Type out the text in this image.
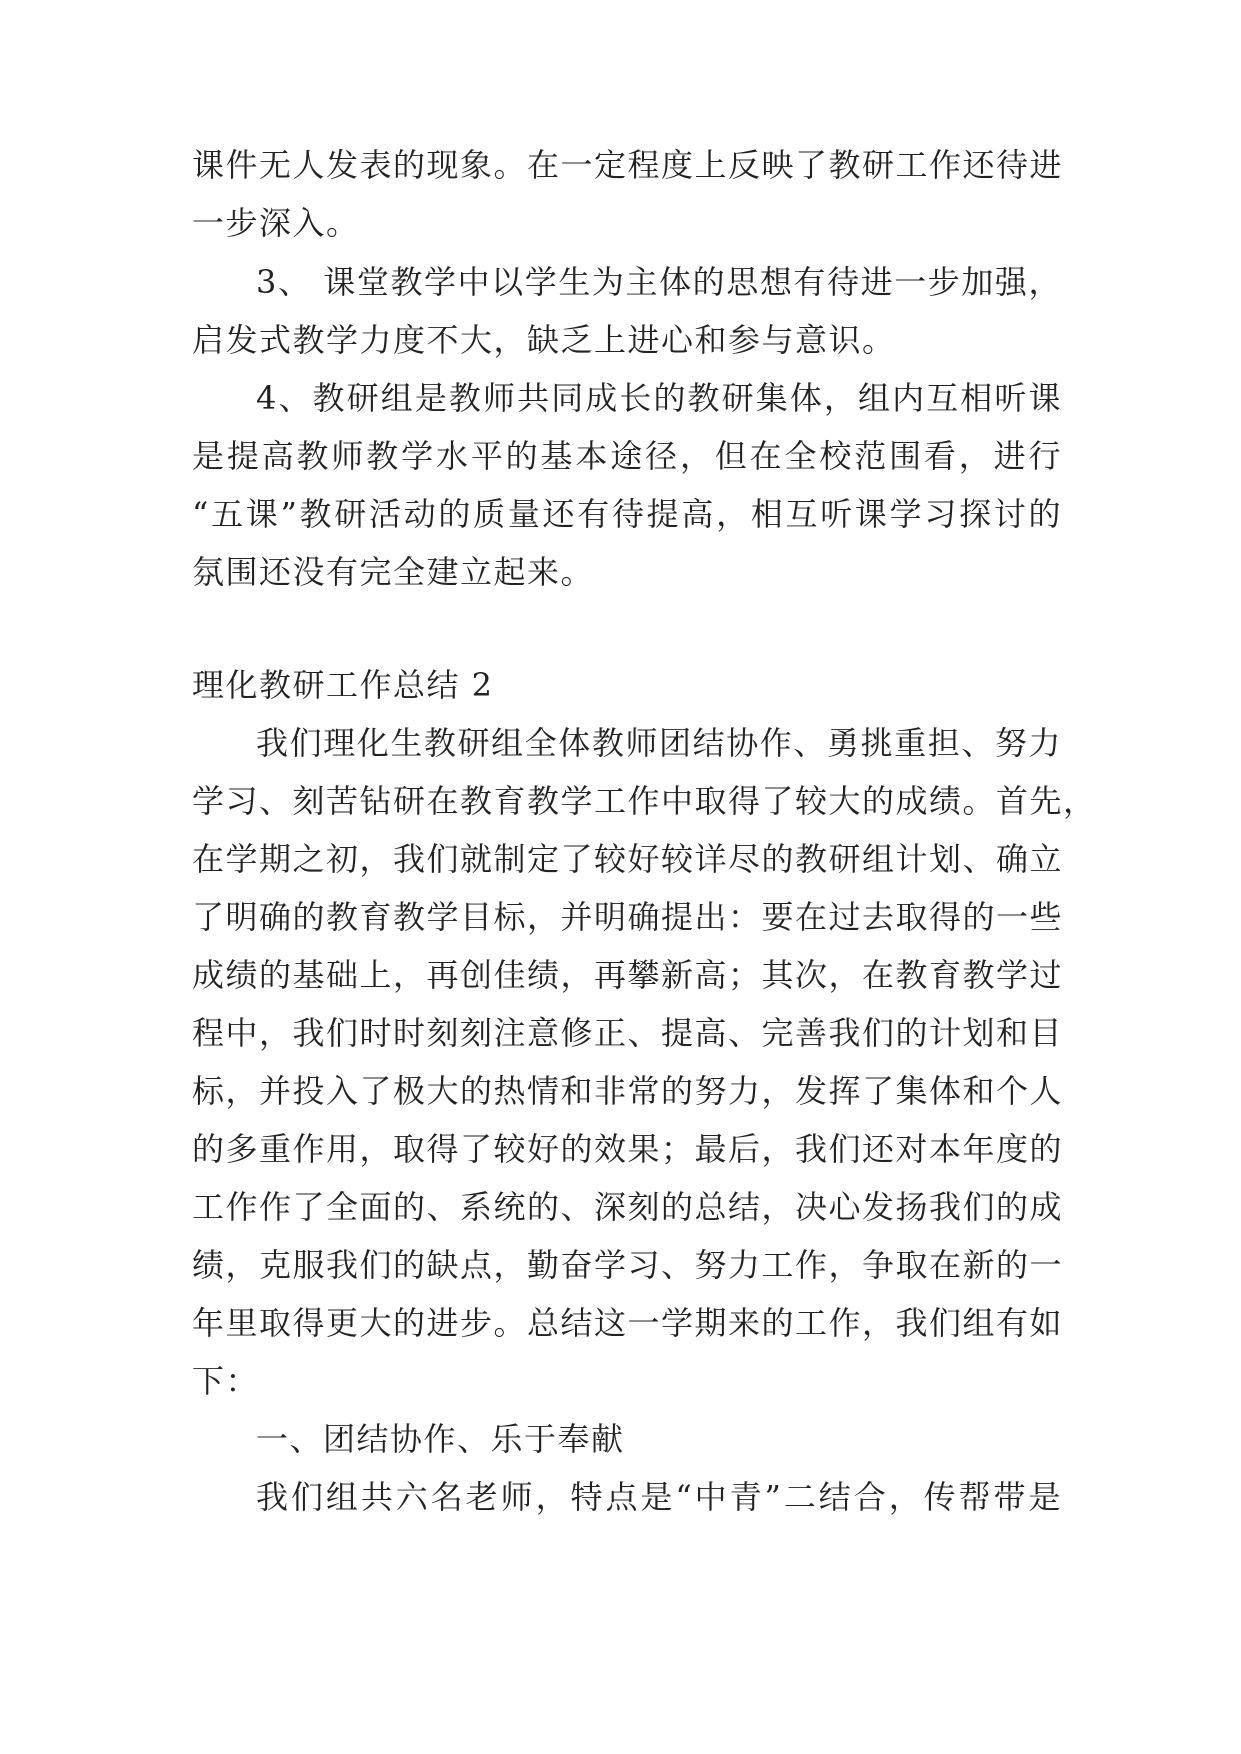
课件无人发表的现象。在一定程度上反映了教研工作还待进

一步深入。

3、 课堂教学中以学生为主体的思想有待进一步加强，

启发式教学力度不大，缺乏上进心和参与意识。

4、教研组是教师共同成长的教研集体，组内互相听课

是提高教师教学水平的基本途径，但在全校范围看，进行

“五课”教研活动的质量还有待提高，相互听课学习探讨的

氛围还没有完全建立起来。

理化教研工作总结 2

我们理化生教研组全体教师团结协作、勇挑重担、努力

学习、刻苦钻研在教育教学工作中取得了较大的成绩。首先，

在学期之初，我们就制定了较好较详尽的教研组计划、确立

了明确的教育教学目标，并明确提出：要在过去取得的一些

成绩的基础上，再创佳绩，再攀新高；其次，在教育教学过

程中，我们时时刻刻注意修正、提高、完善我们的计划和目

标，并投入了极大的热情和非常的努力，发挥了集体和个人

的多重作用，取得了较好的效果；最后，我们还对本年度的

工作作了全面的、系统的、深刻的总结，决心发扬我们的成

绩，克服我们的缺点，勤奋学习、努力工作，争取在新的一

年里取得更大的进步。总结这一学期来的工作，我们组有如

下：

一、团结协作、乐于奉献

我们组共六名老师，特点是“中青”二结合，传帮带是
